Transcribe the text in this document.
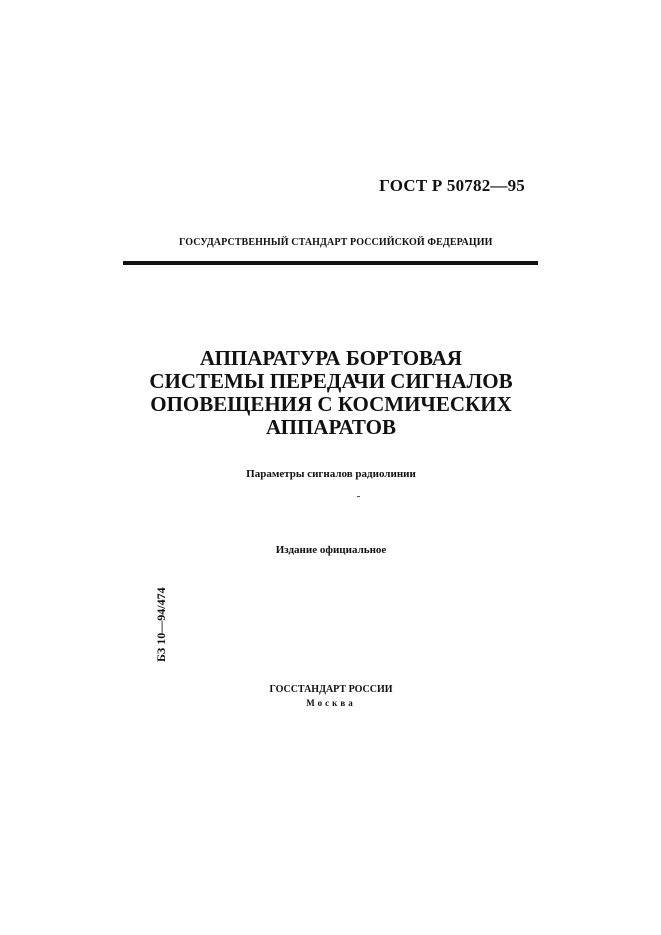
ГОСТ Р 50782—95
ГОСУДАРСТВЕННЫЙ СТАНДАРТ РОССИЙСКОЙ ФЕДЕРАЦИИ
АППАРАТУРА БОРТОВАЯ
СИСТЕМЫ ПЕРЕДАЧИ СИГНАЛОВ
ОПОВЕЩЕНИЯ С КОСМИЧЕСКИХ
АППАРАТОВ
Параметры сигналов радиолинии
Издание официальное
БЗ 10—94/474
ГОССТАНДАРТ РОССИИ
Москва
